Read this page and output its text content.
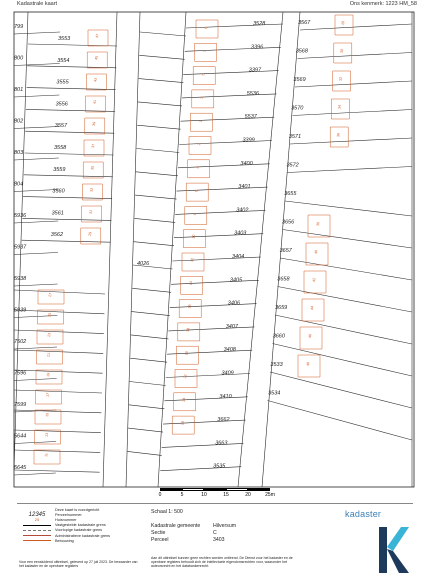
Kadastrale kaart	Ons kenmerk: 1223 HM_58
799
800
801
802
803
804
5936
5937
5938
5939
7502
7596
7599
5644
5645
3553
3554
3555
3556
3557
3558
3559
3560
3561
3562
3528
3396
3397
5536
5537
3399
3400
3401
3402
3403
3404
3405
3406
3407
3408
3409
3410
3662
3663
3535
3567
3568
3569
3570
3571
3572
3655
3656
3657
3658
3659
3660
3533
3534
47
45
43
41
39
37
35
33
31
29
27
25
23
21
19
17
15
13
11
9
7
5
3
1
2
4
6
8
10
12
14
16
18
20
22
24
26
28
30
32
34
36
38
40
42
44
46
48
4026
0	5	10	15	20	25m
Deze kaart is noordgericht
12345	Perceelnummer
25	Huisnummer
Vastgestelde kadastrale grens
Voorlopige kadastrale grens
Administratieve kadastrale grens
Bebouwing
Voor een eensluidend uittreksel, geleverd op 27 juli 2023. De bewaarder van het kadaster en de openbare registers
Schaal 1: 500
Kadastrale gemeente	Hilversum
Sectie	C
Perceel	3403
Aan dit uittreksel kunnen geen rechten worden ontleend. De Dienst voor het kadaster en de openbare registers behoudt zich de intellectuele eigendomsrechten voor, waaronder het auteursrecht en het databankenrecht.
kadaster
